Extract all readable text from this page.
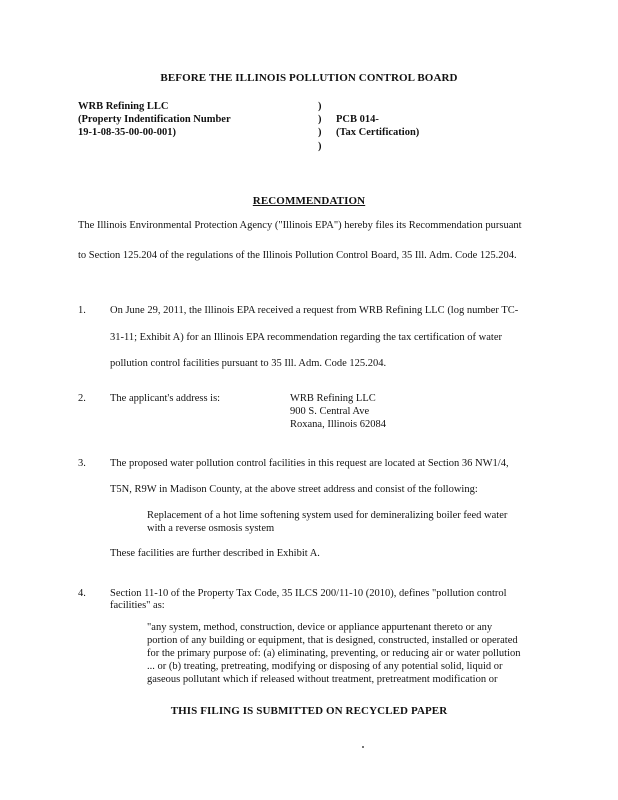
BEFORE THE ILLINOIS POLLUTION CONTROL BOARD
WRB Refining LLC
(Property Indentification Number
19-1-08-35-00-00-001)
)
)
)
)
PCB 014-
(Tax Certification)
RECOMMENDATION
The Illinois Environmental Protection Agency ("Illinois EPA") hereby files its Recommendation pursuant
to Section 125.204 of the regulations of the Illinois Pollution Control Board, 35 Ill. Adm. Code 125.204.
1. On June 29, 2011, the Illinois EPA received a request from WRB Refining LLC (log number TC-
31-11; Exhibit A) for an Illinois EPA recommendation regarding the tax certification of water
pollution control facilities pursuant to 35 Ill. Adm. Code 125.204.
2. The applicant's address is:	WRB Refining LLC
900 S. Central Ave
Roxana, Illinois 62084
3. The proposed water pollution control facilities in this request are located at Section 36 NW1/4,
T5N, R9W in Madison County, at the above street address and consist of the following:
Replacement of a hot lime softening system used for demineralizing boiler feed water
with a reverse osmosis system
These facilities are further described in Exhibit A.
4. Section 11-10 of the Property Tax Code, 35 ILCS 200/11-10 (2010), defines "pollution control
facilities" as:
"any system, method, construction, device or appliance appurtenant thereto or any
portion of any building or equipment, that is designed, constructed, installed or operated
for the primary purpose of: (a) eliminating, preventing, or reducing air or water pollution
... or (b) treating, pretreating, modifying or disposing of any potential solid, liquid or
gaseous pollutant which if released without treatment, pretreatment modification or
THIS FILING IS SUBMITTED ON RECYCLED PAPER
